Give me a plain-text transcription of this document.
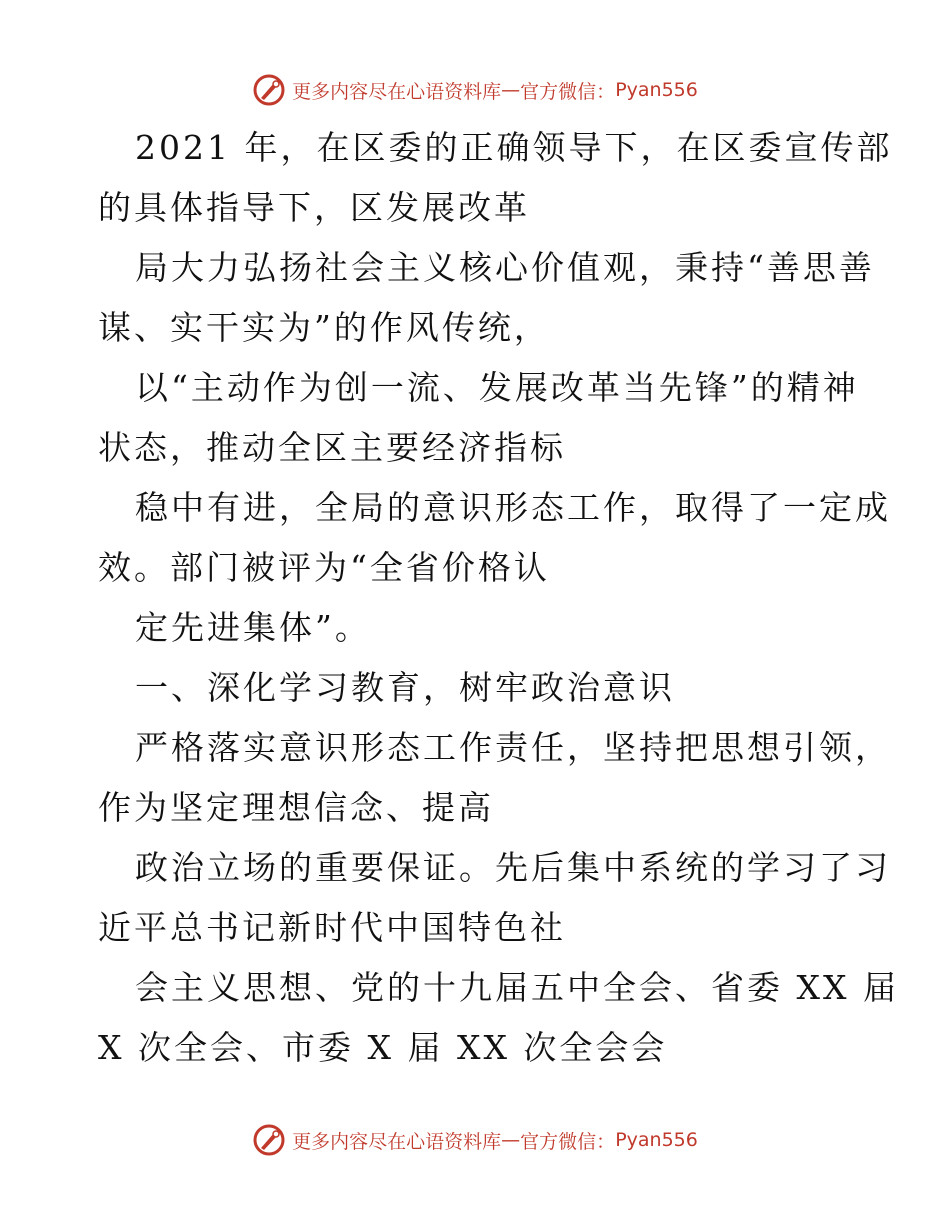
更多内容尽在心语资料库 — 官方微信： Pyan556
2021 年，在区委的正确领导下，在区委宣传部
的具体指导下，区发展改革
局大力弘扬社会主义核心价值观，秉持“善思善
谋、实干实为”的作风传统，
以“主动作为创一流、发展改革当先锋”的精神
状态，推动全区主要经济指标
稳中有进，全局的意识形态工作，取得了一定成
效。部门被评为“全省价格认
定先进集体”。
一、深化学习教育，树牢政治意识
严格落实意识形态工作责任，坚持把思想引领，
作为坚定理想信念、提高
政治立场的重要保证。先后集中系统的学习了习
近平总书记新时代中国特色社
会主义思想、党的十九届五中全会、省委 XX 届
X 次全会、市委 X 届 XX 次全会会
更多内容尽在心语资料库 — 官方微信： Pyan556
